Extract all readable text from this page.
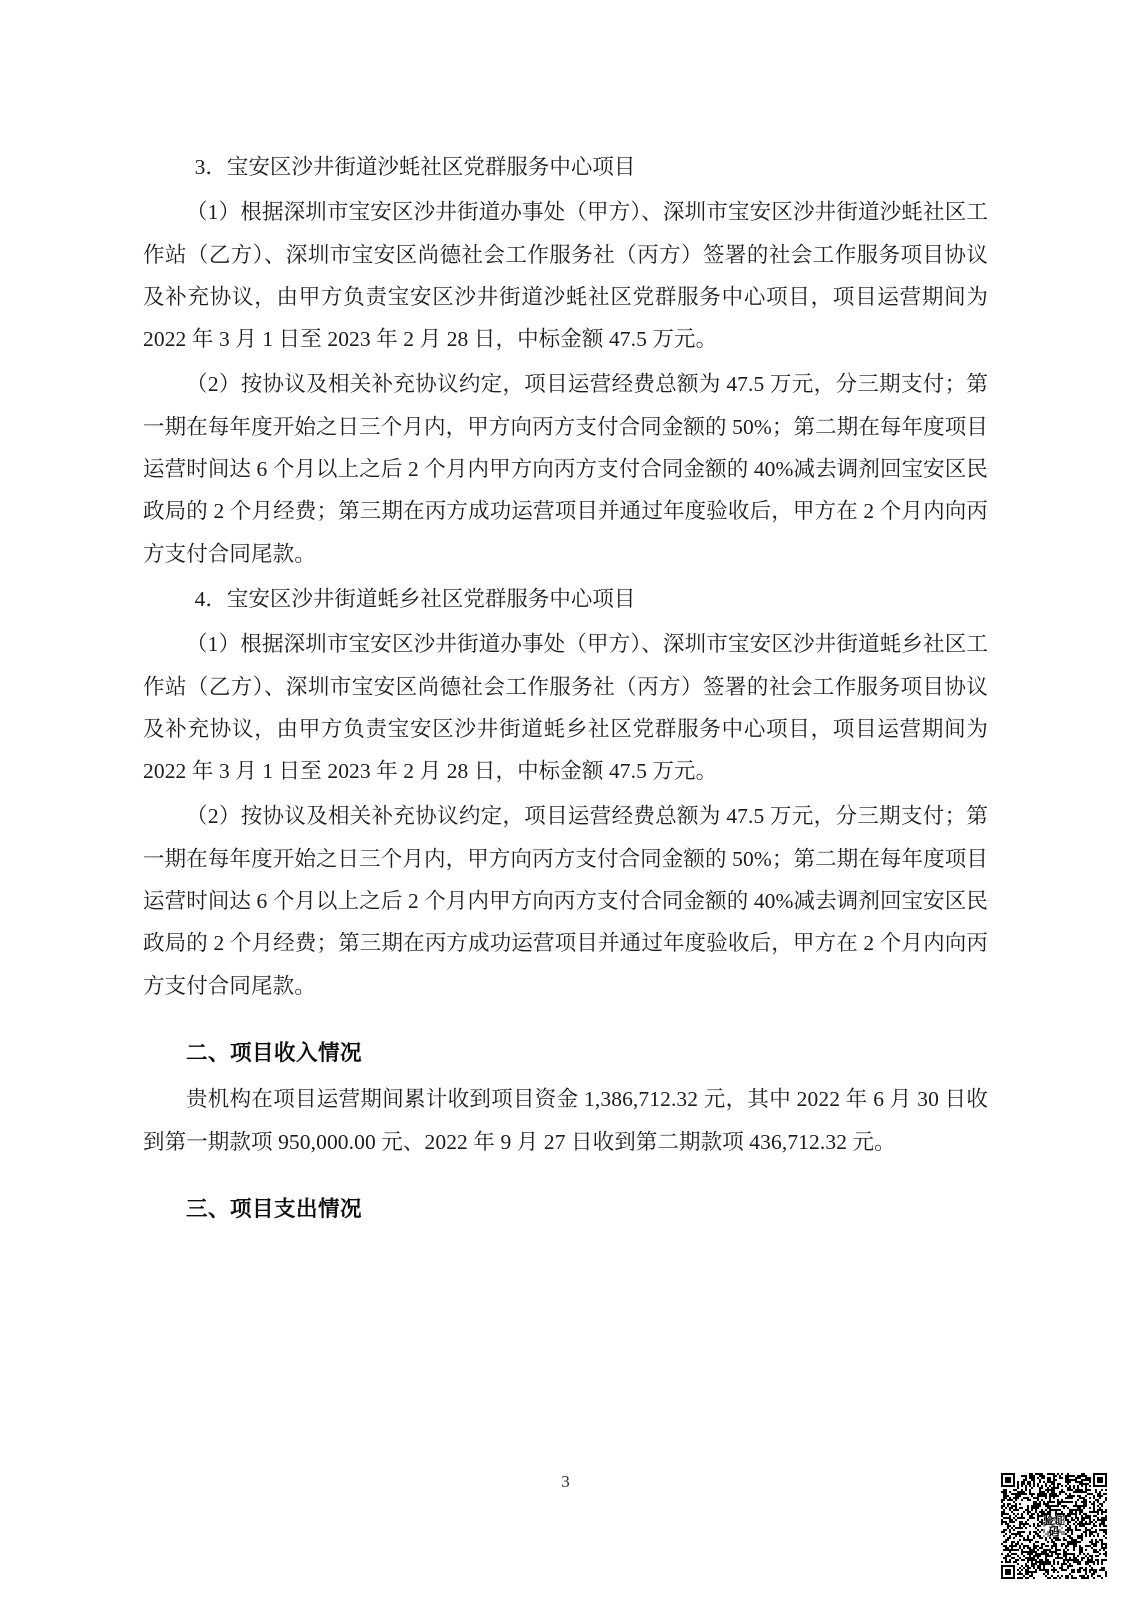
3．宝安区沙井街道沙蚝社区党群服务中心项目

（1）根据深圳市宝安区沙井街道办事处（甲方）、深圳市宝安区沙井街道沙蚝社区工作站（乙方）、深圳市宝安区尚德社会工作服务社（丙方）签署的社会工作服务项目协议及补充协议，由甲方负责宝安区沙井街道沙蚝社区党群服务中心项目，项目运营期间为 2022 年 3 月 1 日至 2023 年 2 月 28 日，中标金额 47.5 万元。

（2）按协议及相关补充协议约定，项目运营经费总额为 47.5 万元，分三期支付；第一期在每年度开始之日三个月内，甲方向丙方支付合同金额的 50%；第二期在每年度项目运营时间达 6 个月以上之后 2 个月内甲方向丙方支付合同金额的 40%减去调剂回宝安区民政局的 2 个月经费；第三期在丙方成功运营项目并通过年度验收后，甲方在 2 个月内向丙方支付合同尾款。

4．宝安区沙井街道蚝乡社区党群服务中心项目

（1）根据深圳市宝安区沙井街道办事处（甲方）、深圳市宝安区沙井街道蚝乡社区工作站（乙方）、深圳市宝安区尚德社会工作服务社（丙方）签署的社会工作服务项目协议及补充协议，由甲方负责宝安区沙井街道蚝乡社区党群服务中心项目，项目运营期间为 2022 年 3 月 1 日至 2023 年 2 月 28 日，中标金额 47.5 万元。

（2）按协议及相关补充协议约定，项目运营经费总额为 47.5 万元，分三期支付；第一期在每年度开始之日三个月内，甲方向丙方支付合同金额的 50%；第二期在每年度项目运营时间达 6 个月以上之后 2 个月内甲方向丙方支付合同金额的 40%减去调剂回宝安区民政局的 2 个月经费；第三期在丙方成功运营项目并通过年度验收后，甲方在 2 个月内向丙方支付合同尾款。

二、项目收入情况

贵机构在项目运营期间累计收到项目资金 1,386,712.32 元，其中 2022 年 6 月 30 日收到第一期款项 950,000.00 元、2022 年 9 月 27 日收到第二期款项 436,712.32 元。

三、项目支出情况

3
验证码
